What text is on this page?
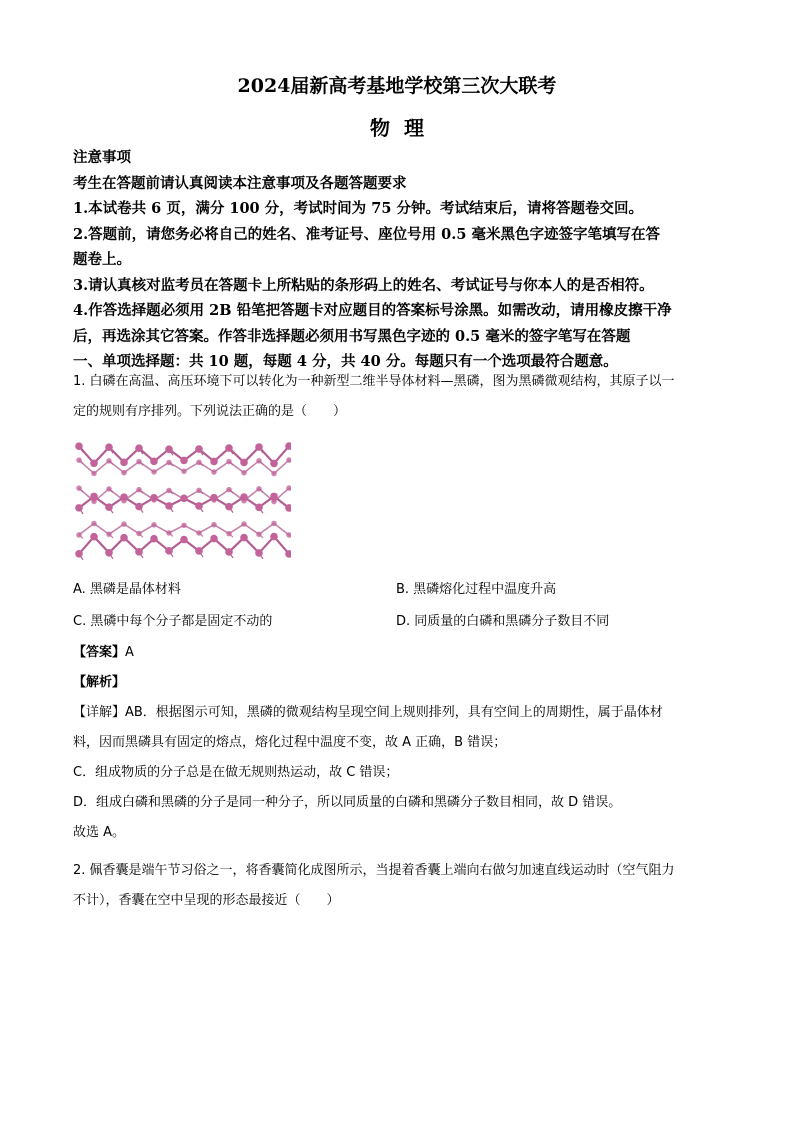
2024届新高考基地学校第三次大联考
物理
注意事项
考生在答题前请认真阅读本注意事项及各题答题要求
1.本试卷共 6 页，满分 100 分，考试时间为 75 分钟。考试结束后，请将答题卷交回。
2.答题前，请您务必将自己的姓名、准考证号、座位号用 0.5 毫米黑色字迹签字笔填写在答
题卷上。
3.请认真核对监考员在答题卡上所粘贴的条形码上的姓名、考试证号与你本人的是否相符。
4.作答选择题必须用 2B 铅笔把答题卡对应题目的答案标号涂黑。如需改动，请用橡皮擦干净
后，再选涂其它答案。作答非选择题必须用书写黑色字迹的 0.5 毫米的签字笔写在答题
一、单项选择题：共 10 题，每题 4 分，共 40 分。每题只有一个选项最符合题意。
1. 白磷在高温、高压环境下可以转化为一种新型二维半导体材料—黑磷，图为黑磷微观结构，其原子以一
定的规则有序排列。下列说法正确的是（　　）
A. 黑磷是晶体材料	B. 黑磷熔化过程中温度升高
C. 黑磷中每个分子都是固定不动的	D. 同质量的白磷和黑磷分子数目不同
【答案】A
【解析】
【详解】AB．根据图示可知，黑磷的微观结构呈现空间上规则排列，具有空间上的周期性，属于晶体材
料，因而黑磷具有固定的熔点，熔化过程中温度不变，故 A 正确，B 错误；
C．组成物质的分子总是在做无规则热运动，故 C 错误；
D．组成白磷和黑磷的分子是同一种分子，所以同质量的白磷和黑磷分子数目相同，故 D 错误。
故选 A。
2. 佩香囊是端午节习俗之一，将香囊简化成图所示，当提着香囊上端向右做匀加速直线运动时（空气阻力
不计），香囊在空中呈现的形态最接近（　　）
